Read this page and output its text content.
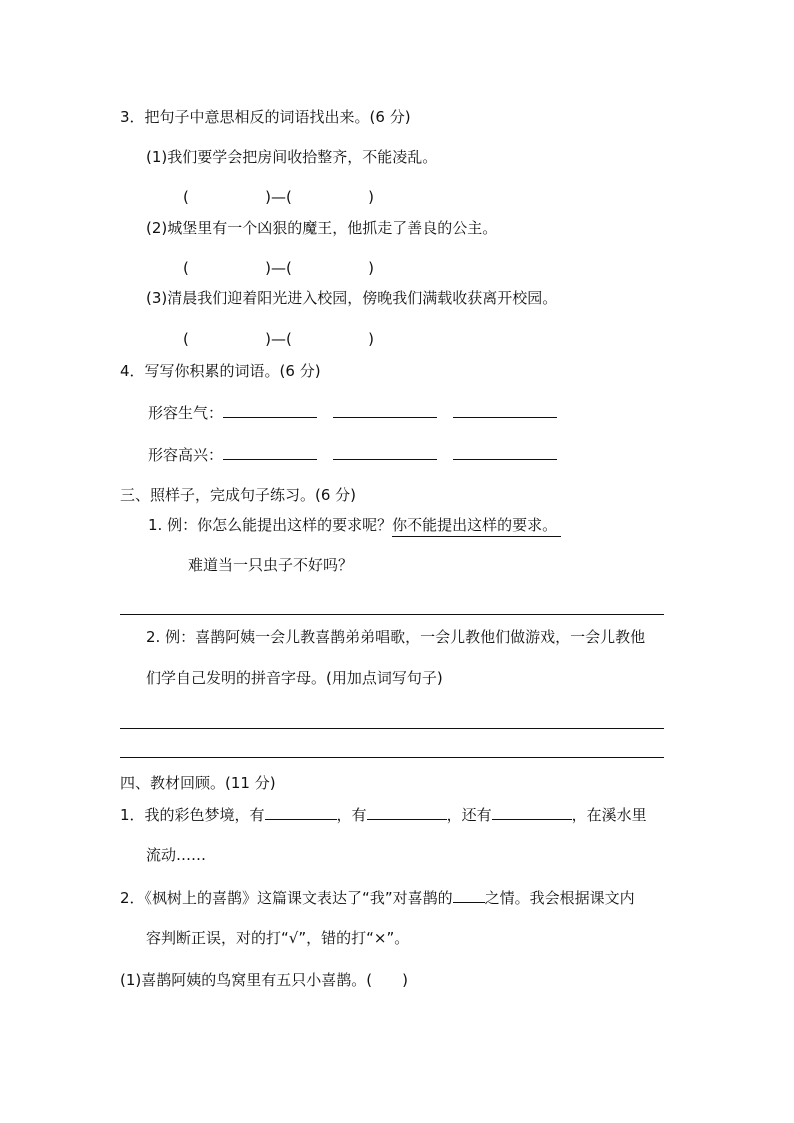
3．把句子中意思相反的词语找出来。(6 分)
(1)我们要学会把房间收拾整齐，不能凌乱。
(                )—(                )
(2)城堡里有一个凶狠的魔王，他抓走了善良的公主。
(                )—(                )
(3)清晨我们迎着阳光进入校园，傍晚我们满载收获离开校园。
(                )—(                )
4．写写你积累的词语。(6 分)
形容生气：
形容高兴：
三、照样子，完成句子练习。(6 分)
1. 例：你怎么能提出这样的要求呢？你不能提出这样的要求。
难道当一只虫子不好吗？
2. 例：喜鹊阿姨一会儿教喜鹊弟弟唱歌，一会儿教他们做游戏，一会儿教他
们学自己发明的拼音字母。(用加点词写句子)
四、教材回顾。(11 分)
1．我的彩色梦境，有	，有	，还有	，在溪水里
流动……
2．《枫树上的喜鹊》这篇课文表达了“我”对喜鹊的 之情。我会根据课文内
容判断正误，对的打“√”，错的打“×”。
(1)喜鹊阿姨的鸟窝里有五只小喜鹊。(　　)
